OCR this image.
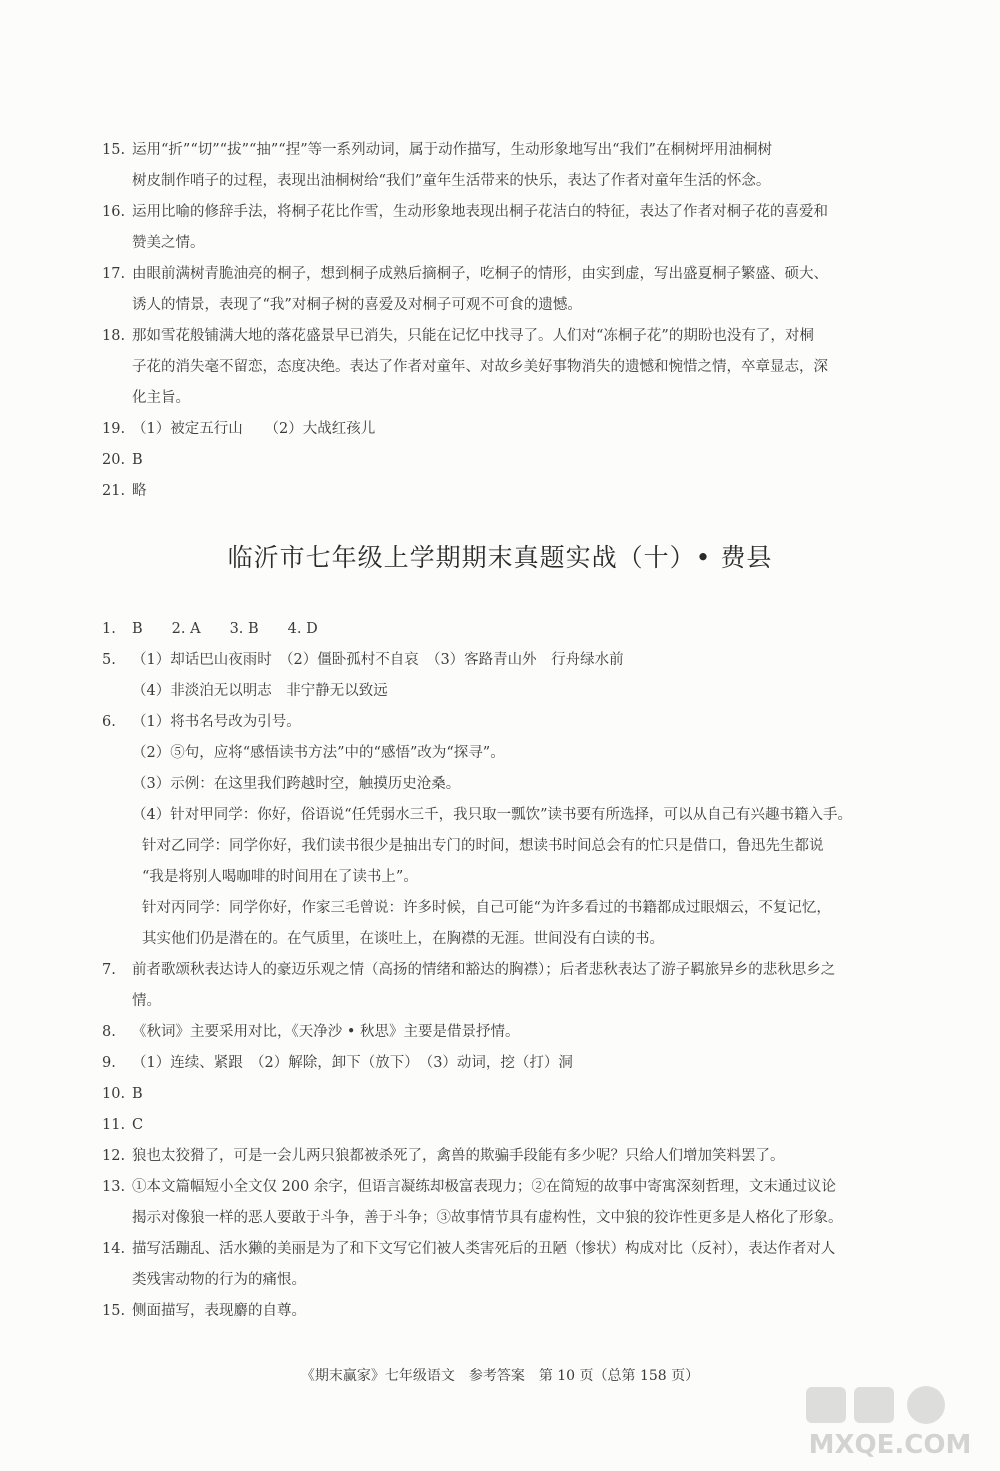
15. 运用“折”“切”“拔”“抽”“捏”等一系列动词，属于动作描写，生动形象地写出“我们”在桐树坪用油桐树
树皮制作哨子的过程，表现出油桐树给“我们”童年生活带来的快乐，表达了作者对童年生活的怀念。
16. 运用比喻的修辞手法，将桐子花比作雪，生动形象地表现出桐子花洁白的特征，表达了作者对桐子花的喜爱和
赞美之情。
17. 由眼前满树青脆油亮的桐子，想到桐子成熟后摘桐子，吃桐子的情形，由实到虚，写出盛夏桐子繁盛、硕大、
诱人的情景，表现了“我”对桐子树的喜爱及对桐子可观不可食的遗憾。
18. 那如雪花般铺满大地的落花盛景早已消失，只能在记忆中找寻了。人们对“冻桐子花”的期盼也没有了，对桐
子花的消失毫不留恋，态度决绝。表达了作者对童年、对故乡美好事物消失的遗憾和惋惜之情，卒章显志，深
化主旨。
19. （1）被定五行山　　（2）大战红孩儿
20. B
21. 略
临沂市七年级上学期期末真题实战（十）• 费县
1. B　　2. A　　3. B　　4. D
5. （1）却话巴山夜雨时　（2）僵卧孤村不自哀　（3）客路青山外　行舟绿水前
（4）非淡泊无以明志　非宁静无以致远
6. （1）将书名号改为引号。
（2）⑤句，应将“感悟读书方法”中的“感悟”改为“探寻”。
（3）示例：在这里我们跨越时空，触摸历史沧桑。
（4）针对甲同学：你好，俗语说“任凭弱水三千，我只取一瓢饮”读书要有所选择，可以从自己有兴趣书籍入手。
针对乙同学：同学你好，我们读书很少是抽出专门的时间，想读书时间总会有的忙只是借口，鲁迅先生都说
“我是将别人喝咖啡的时间用在了读书上”。
针对丙同学：同学你好，作家三毛曾说：许多时候，自己可能“为许多看过的书籍都成过眼烟云，不复记忆，
其实他们仍是潜在的。在气质里，在谈吐上，在胸襟的无涯。世间没有白读的书。
7. 前者歌颂秋表达诗人的豪迈乐观之情（高扬的情绪和豁达的胸襟）；后者悲秋表达了游子羁旅异乡的悲秋思乡之
情。
8. 《秋词》主要采用对比，《天净沙 • 秋思》主要是借景抒情。
9. （1）连续、紧跟　（2）解除，卸下（放下）　（3）动词，挖（打）洞
10. B
11. C
12. 狼也太狡猾了，可是一会儿两只狼都被杀死了，禽兽的欺骗手段能有多少呢？只给人们增加笑料罢了。
13. ①本文篇幅短小全文仅 200 余字，但语言凝练却极富表现力；②在简短的故事中寄寓深刻哲理，文末通过议论
揭示对像狼一样的恶人要敢于斗争，善于斗争；③故事情节具有虚构性，文中狼的狡诈性更多是人格化了形象。
14. 描写活蹦乱、活水獭的美丽是为了和下文写它们被人类害死后的丑陋（惨状）构成对比（反衬），表达作者对人
类残害动物的行为的痛恨。
15. 侧面描写，表现麝的自尊。
《期末赢家》七年级语文　参考答案　第 10 页（总第 158 页）
MXQE.COM
